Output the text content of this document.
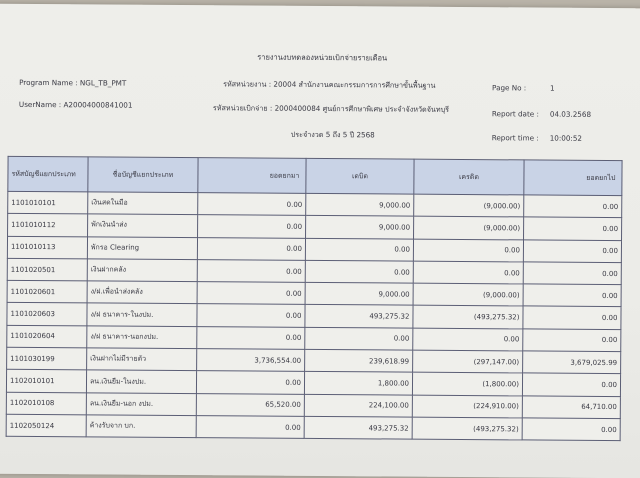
รายงานงบทดลองหน่วยเบิกจ่ายรายเดือน
Program Name : NGL_TB_PMT	รหัสหน่วยงาน : 20004 สำนักงานคณะกรรมการการศึกษาขั้นพื้นฐาน	Page No :	1
UserName : A20004000841001	รหัสหน่วยเบิกจ่าย : 2000400084 ศูนย์การศึกษาพิเศษ ประจำจังหวัดจันทบุรี	Report date : 04.03.2568
ประจำงวด 5 ถึง 5 ปี 2568	Report time : 10:00:52
รหัสบัญชีแยกประเภท	ชื่อบัญชีแยกประเภท	ยอดยกมา	เดบิต	เครดิต	ยอดยกไป
1101010101	เงินสดในมือ	0.00	9,000.00	(9,000.00)	0.00
1101010112	พักเงินนำส่ง	0.00	9,000.00	(9,000.00)	0.00
1101010113	พักรอ Clearing	0.00	0.00	0.00	0.00
1101020501	เงินฝากคลัง	0.00	0.00	0.00	0.00
1101020601	ง/ฝ.เพื่อนำส่งคลัง	0.00	9,000.00	(9,000.00)	0.00
1101020603	ง/ฝ ธนาคาร-ในงปม.	0.00	493,275.32	(493,275.32)	0.00
1101020604	ง/ฝ ธนาคาร-นอกงปม.	0.00	0.00	0.00	0.00
1101030199	เงินฝากไม่มีรายตัว	3,736,554.00	239,618.99	(297,147.00)	3,679,025.99
1102010101	ลน.เงินยืม-ในงปม.	0.00	1,800.00	(1,800.00)	0.00
1102010108	ลน.เงินยืม-นอก งปม.	65,520.00	224,100.00	(224,910.00)	64,710.00
1102050124	ค้างรับจาก บก.	0.00	493,275.32	(493,275.32)	0.00
